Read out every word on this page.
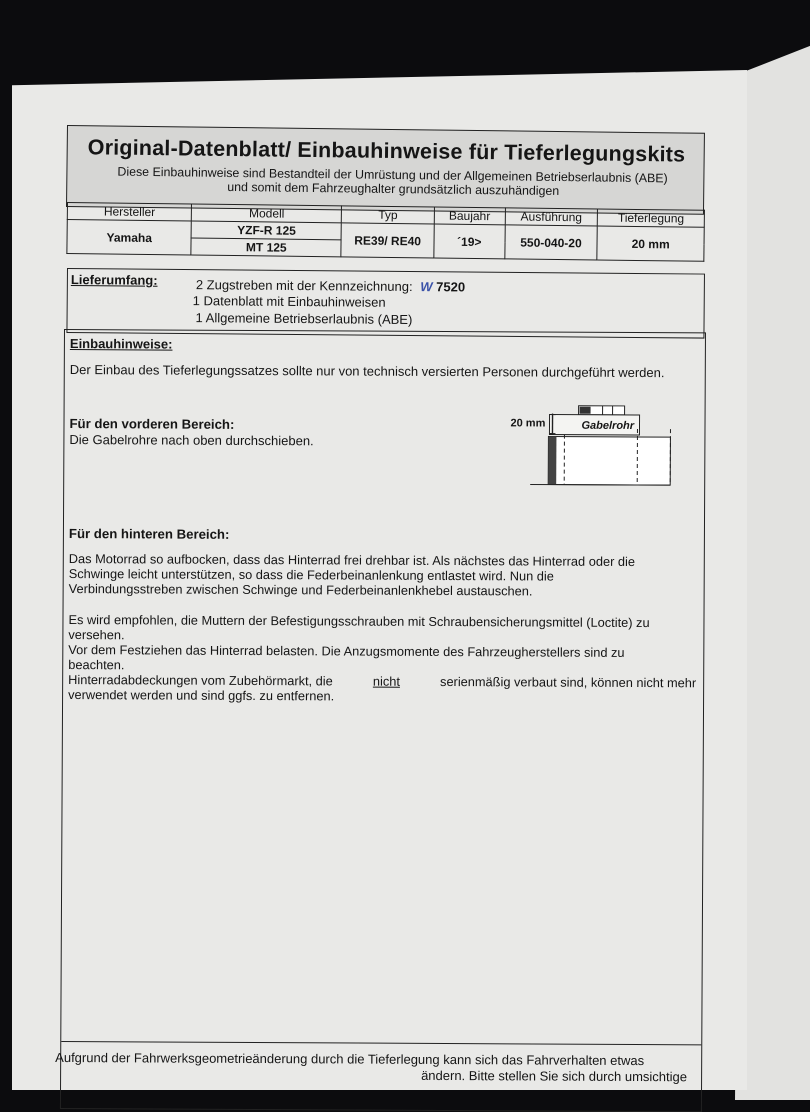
Original-Datenblatt/ Einbauhinweise für Tieferlegungskits
Diese Einbauhinweise sind Bestandteil der Umrüstung und der Allgemeinen Betriebserlaubnis (ABE)
und somit dem Fahrzeughalter grundsätzlich auszuhändigen
Hersteller	Modell	Typ	Baujahr	Ausführung	Tieferlegung
Yamaha	YZF-R 125	RE39/ RE40	´19>	550-040-20	20 mm
	MT 125				
Lieferumfang:	2 Zugstreben mit der Kennzeichnung: W 7520
1 Datenblatt mit Einbauhinweisen
1 Allgemeine Betriebserlaubnis (ABE)
Einbauhinweise:
Der Einbau des Tieferlegungssatzes sollte nur von technisch versierten Personen durchgeführt werden.
Für den vorderen Bereich:
Die Gabelrohre nach oben durchschieben.
20 mm	Gabelrohr
Für den hinteren Bereich:
Das Motorrad so aufbocken, dass das Hinterrad frei drehbar ist. Als nächstes das Hinterrad oder die
Schwinge leicht unterstützen, so dass die Federbeinanlenkung entlastet wird. Nun die
Verbindungsstreben zwischen Schwinge und Federbeinanlenkhebel austauschen.
Es wird empfohlen, die Muttern der Befestigungsschrauben mit Schraubensicherungsmittel (Loctite) zu
versehen.
Vor dem Festziehen das Hinterrad belasten. Die Anzugsmomente des Fahrzeugherstellers sind zu
beachten.
Hinterradabdeckungen vom Zubehörmarkt, die	nicht	serienmäßig verbaut sind, können nicht mehr
verwendet werden und sind ggfs. zu entfernen.
Aufgrund der Fahrwerksgeometrieänderung durch die Tieferlegung kann sich das Fahrverhalten etwas
ändern. Bitte stellen Sie sich durch umsichtige
